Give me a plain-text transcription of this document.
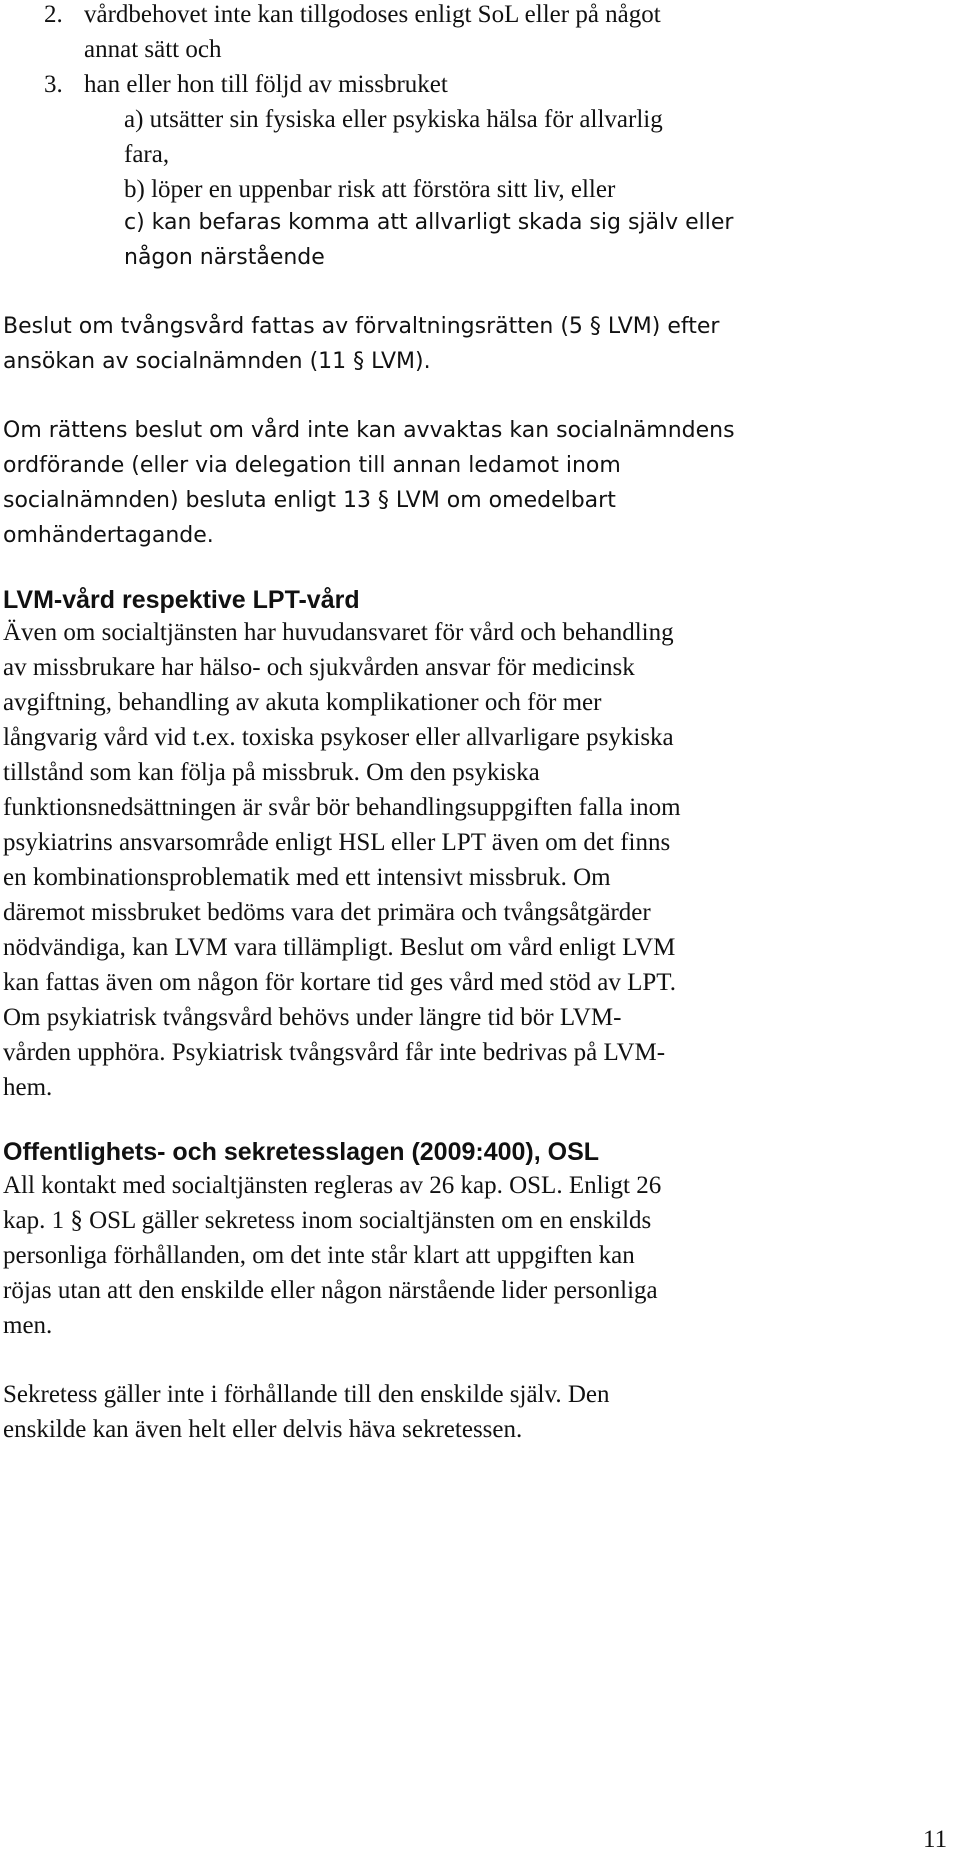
2. vårdbehovet inte kan tillgodoses enligt SoL eller på något
annat sätt och
3. han eller hon till följd av missbruket
a) utsätter sin fysiska eller psykiska hälsa för allvarlig
fara,
b) löper en uppenbar risk att förstöra sitt liv, eller
c) kan befaras komma att allvarligt skada sig själv eller
någon närstående
Beslut om tvångsvård fattas av förvaltningsrätten (5 § LVM) efter
ansökan av socialnämnden (11 § LVM).
Om rättens beslut om vård inte kan avvaktas kan socialnämndens
ordförande (eller via delegation till annan ledamot inom
socialnämnden) besluta enligt 13 § LVM om omedelbart
omhändertagande.
LVM-vård respektive LPT-vård
Även om socialtjänsten har huvudansvaret för vård och behandling
av missbrukare har hälso- och sjukvården ansvar för medicinsk
avgiftning, behandling av akuta komplikationer och för mer
långvarig vård vid t.ex. toxiska psykoser eller allvarligare psykiska
tillstånd som kan följa på missbruk. Om den psykiska
funktionsnedsättningen är svår bör behandlingsuppgiften falla inom
psykiatrins ansvarsområde enligt HSL eller LPT även om det finns
en kombinationsproblematik med ett intensivt missbruk. Om
däremot missbruket bedöms vara det primära och tvångsåtgärder
nödvändiga, kan LVM vara tillämpligt. Beslut om vård enligt LVM
kan fattas även om någon för kortare tid ges vård med stöd av LPT.
Om psykiatrisk tvångsvård behövs under längre tid bör LVM-
vården upphöra. Psykiatrisk tvångsvård får inte bedrivas på LVM-
hem.
Offentlighets- och sekretesslagen (2009:400), OSL
All kontakt med socialtjänsten regleras av 26 kap. OSL. Enligt 26
kap. 1 § OSL gäller sekretess inom socialtjänsten om en enskilds
personliga förhållanden, om det inte står klart att uppgiften kan
röjas utan att den enskilde eller någon närstående lider personliga
men.
Sekretess gäller inte i förhållande till den enskilde själv. Den
enskilde kan även helt eller delvis häva sekretessen.
11
